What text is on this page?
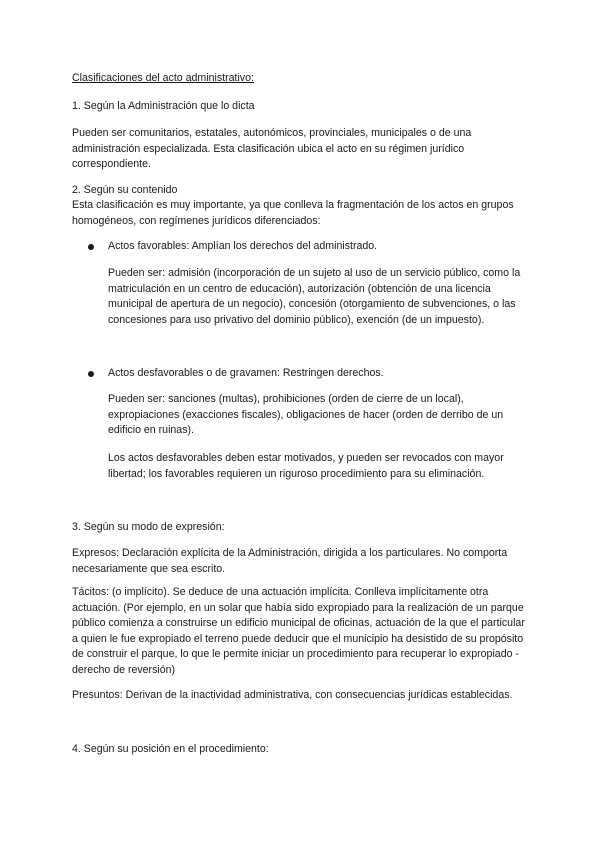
Clasificaciones del acto administrativo:

1. Según la Administración que lo dicta

Pueden ser comunitarios, estatales, autonómicos, provinciales, municipales o de una administración especializada. Esta clasificación ubica el acto en su régimen jurídico correspondiente.

2. Según su contenido

Esta clasificación es muy importante, ya que conlleva la fragmentación de los actos en grupos homogéneos, con regímenes jurídicos diferenciados:

Actos favorables: Amplían los derechos del administrado.

Pueden ser: admisión (incorporación de un sujeto al uso de un servicio público, como la matriculación en un centro de educación), autorización (obtención de una licencia municipal de apertura de un negocio), concesión (otorgamiento de subvenciones, o las concesiones para uso privativo del dominio público), exención (de un impuesto).

Actos desfavorables o de gravamen: Restringen derechos.

Pueden ser: sanciones (multas), prohibiciones (orden de cierre de un local), expropiaciones (exacciones fiscales), obligaciones de hacer (orden de derribo de un edificio en ruinas).

Los actos desfavorables deben estar motivados, y pueden ser revocados con mayor libertad; los favorables requieren un riguroso procedimiento para su eliminación.

3. Según su modo de expresión:

Expresos: Declaración explícita de la Administración, dirigida a los particulares. No comporta necesariamente que sea escrito.

Tácitos: (o implícito). Se deduce de una actuación implícita. Conlleva implícitamente otra actuación. (Por ejemplo, en un solar que había sido expropiado para la realización de un parque público comienza a construirse un edificio municipal de oficinas, actuación de la que el particular a quien le fue expropiado el terreno puede deducir que el municipio ha desistido de su propósito de construir el parque, lo que le permite iniciar un procedimiento para recuperar lo expropiado -derecho de reversión)

Presuntos: Derivan de la inactividad administrativa, con consecuencias jurídicas establecidas.

4. Según su posición en el procedimiento:
